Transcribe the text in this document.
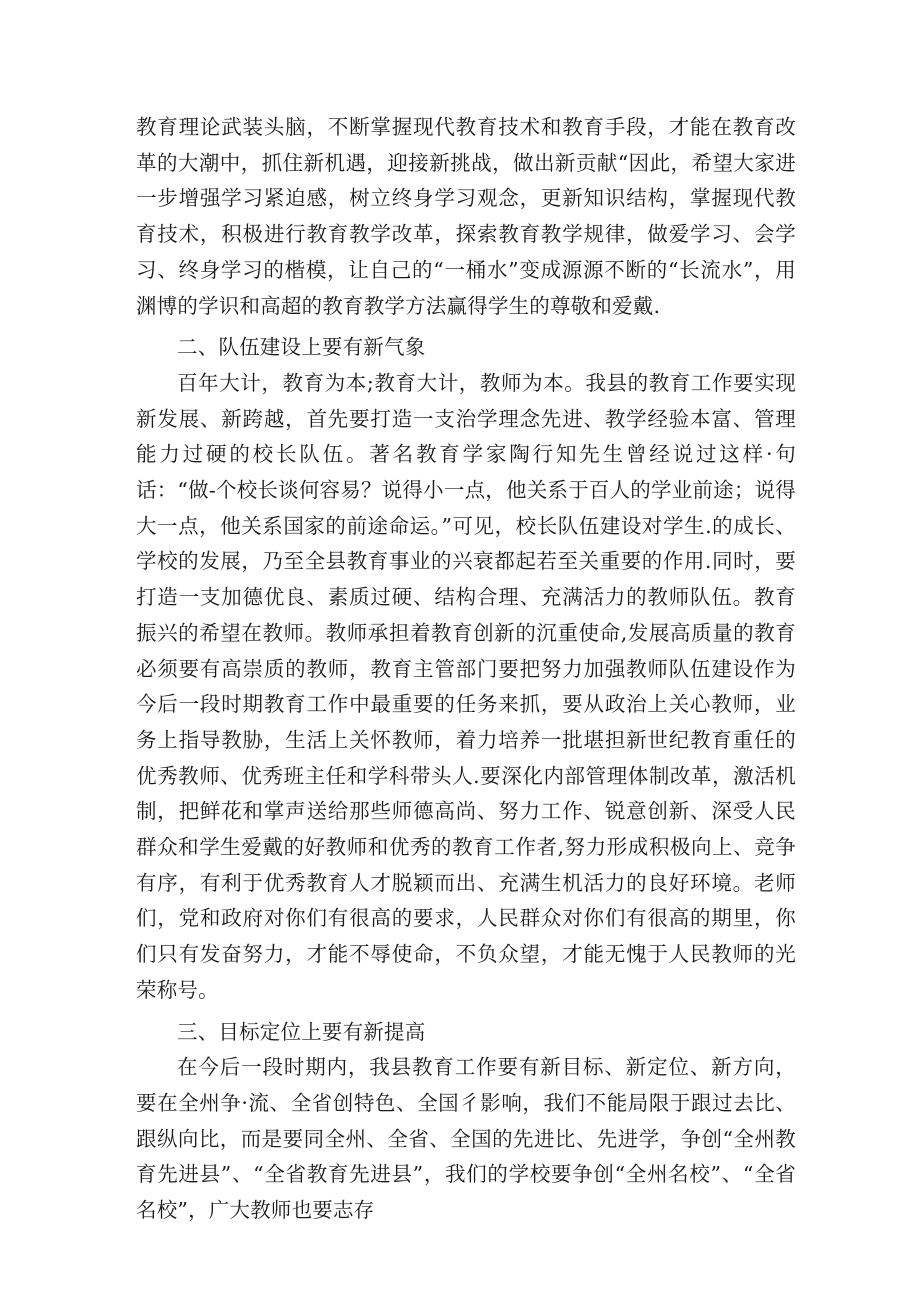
教育理论武装头脑，不断掌握现代教育技术和教育手段，才能在教育改革的大潮中，抓住新机遇，迎接新挑战，做出新贡献“因此，希望大家进一步增强学习紧迫感，树立终身学习观念，更新知识结构，掌握现代教育技术，积极进行教育教学改革，探索教育教学规律，做爱学习、会学习、终身学习的楷模，让自己的“一桶水”变成源源不断的“长流水”，用渊博的学识和高超的教育教学方法赢得学生的尊敬和爱戴.

二、队伍建设上要有新气象

百年大计，教育为本;教育大计，教师为本。我县的教育工作要实现新发展、新跨越，首先要打造一支治学理念先进、教学经验本富、管理能力过硬的校长队伍。著名教育学家陶行知先生曾经说过这样·句话：“做-个校长谈何容易？说得小一点，他关系于百人的学业前途；说得大一点，他关系国家的前途命运。”可见，校长队伍建设对学生.的成长、学校的发展，乃至全县教育事业的兴衰都起若至关重要的作用.同时，要打造一支加德优良、素质过硬、结构合理、充满活力的教师队伍。教育振兴的希望在教师。教师承担着教育创新的沉重使命,发展高质量的教育必须要有高崇质的教师，教育主管部门要把努力加强教师队伍建设作为今后一段时期教育工作中最重要的任务来抓，要从政治上关心教师，业务上指导教胁，生活上关怀教师，着力培养一批堪担新世纪教育重任的优秀教师、优秀班主任和学科带头人.要深化内部管理体制改革，激活机制，把鲜花和掌声送给那些师德高尚、努力工作、锐意创新、深受人民群众和学生爱戴的好教师和优秀的教育工作者,努力形成积极向上、竞争有序，有利于优秀教育人才脱颖而出、充满生机活力的良好环境。老师们，党和政府对你们有很高的要求，人民群众对你们有很高的期里，你们只有发奋努力，才能不辱使命，不负众望，才能无愧于人民教师的光荣称号。

三、目标定位上要有新提高

在今后一段时期内，我县教育工作要有新目标、新定位、新方向，要在全州争·流、全省创特色、全国彳影响，我们不能局限于跟过去比、跟纵向比，而是要同全州、全省、全国的先进比、先进学，争创“全州教育先进县”、“全省教育先进县”，我们的学校要争创“全州名校”、“全省名校”，广大教师也要志存
